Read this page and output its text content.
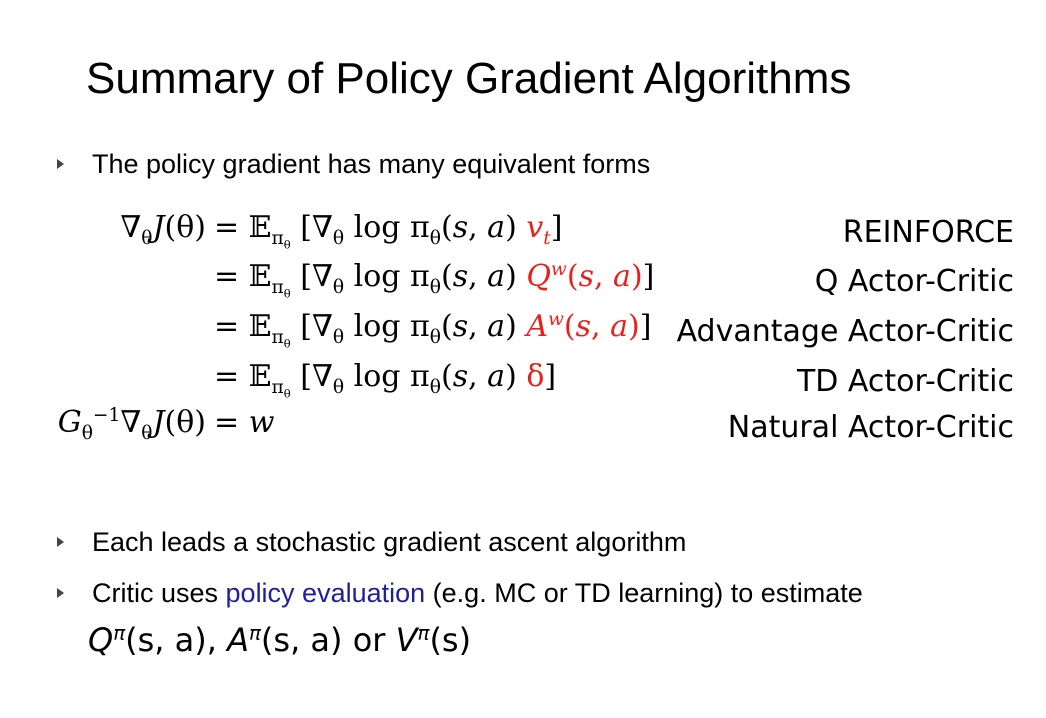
Summary of Policy Gradient Algorithms
The policy gradient has many equivalent forms
$\nabla_\theta J(\theta)$ = 𝔼$_{\pi_\theta}$ [$\nabla_\theta$ $\log \pi_\theta(s$, a) $v_t$]	REINFORCE
= 𝔼$_{\pi_\theta}$ [$\nabla_\theta$ $\log \pi_\theta(s$, a) $Q^w(s$, a)]	Q Actor-Critic
= 𝔼$_{\pi_\theta}$ [$\nabla_\theta$ $\log \pi_\theta(s$, a) $A^w(s$, a)] Advantage Actor-Critic
= 𝔼$_{\pi_\theta}$ [$\nabla_\theta$ $\log \pi_\theta(s$, a) δ]	TD Actor-Critic
$G_\theta^{-1}\nabla_\theta J(\theta) = w$	Natural Actor-Critic
Each leads a stochastic gradient ascent algorithm
Critic uses policy evaluation (e.g. MC or TD learning) to estimate
$Q^\pi(s$, a), $A^\pi(s$, a) or $V^\pi(s)$
